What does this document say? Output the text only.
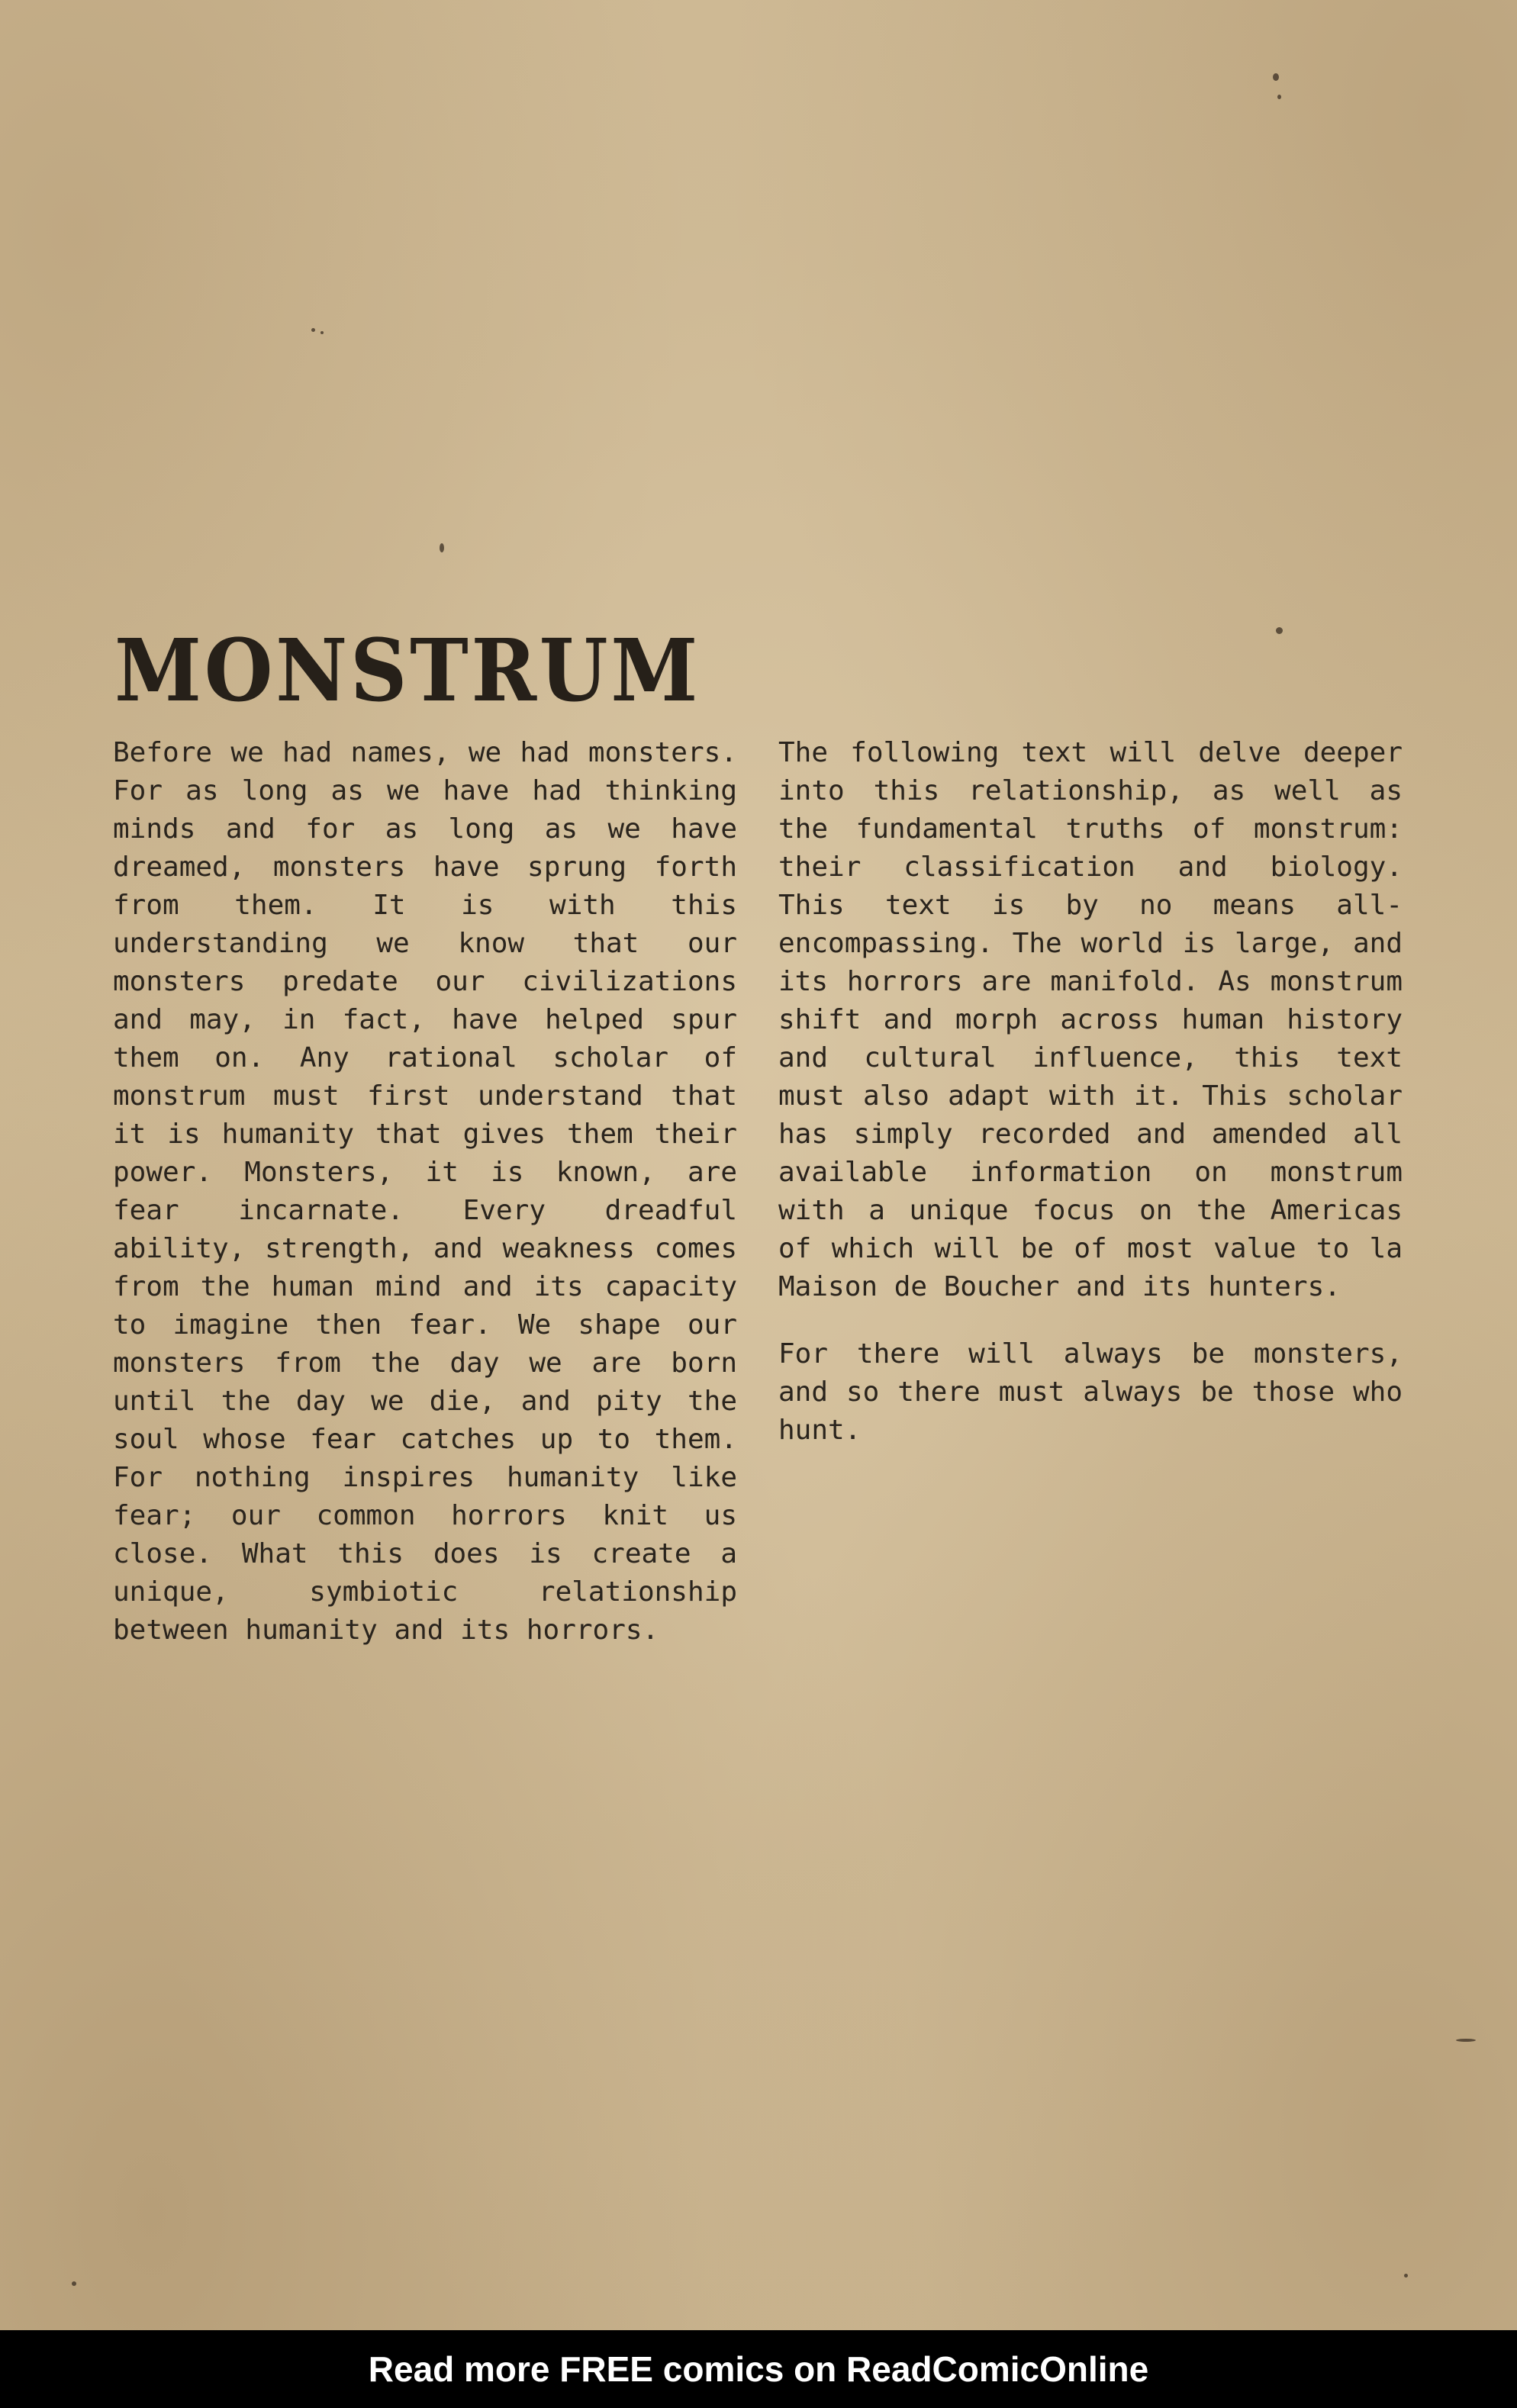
MONSTRUM

Before we had names, we had monsters. For as long as we have had thinking minds and for as long as we have dreamed, monsters have sprung forth from them. It is with this understanding we know that our monsters predate our civilizations and may, in fact, have helped spur them on. Any rational scholar of monstrum must first understand that it is humanity that gives them their power. Monsters, it is known, are fear incarnate. Every dreadful ability, strength, and weakness comes from the human mind and its capacity to imagine then fear. We shape our monsters from the day we are born until the day we die, and pity the soul whose fear catches up to them. For nothing inspires humanity like fear; our common horrors knit us close. What this does is create a unique, symbiotic relationship between humanity and its horrors.

The following text will delve deeper into this relationship, as well as the fundamental truths of monstrum: their classification and biology. This text is by no means all-encompassing. The world is large, and its horrors are manifold. As monstrum shift and morph across human history and cultural influence, this text must also adapt with it. This scholar has simply recorded and amended all available information on monstrum with a unique focus on the Americas of which will be of most value to la Maison de Boucher and its hunters.

For there will always be monsters, and so there must always be those who hunt.

Read more FREE comics on ReadComicOnline
